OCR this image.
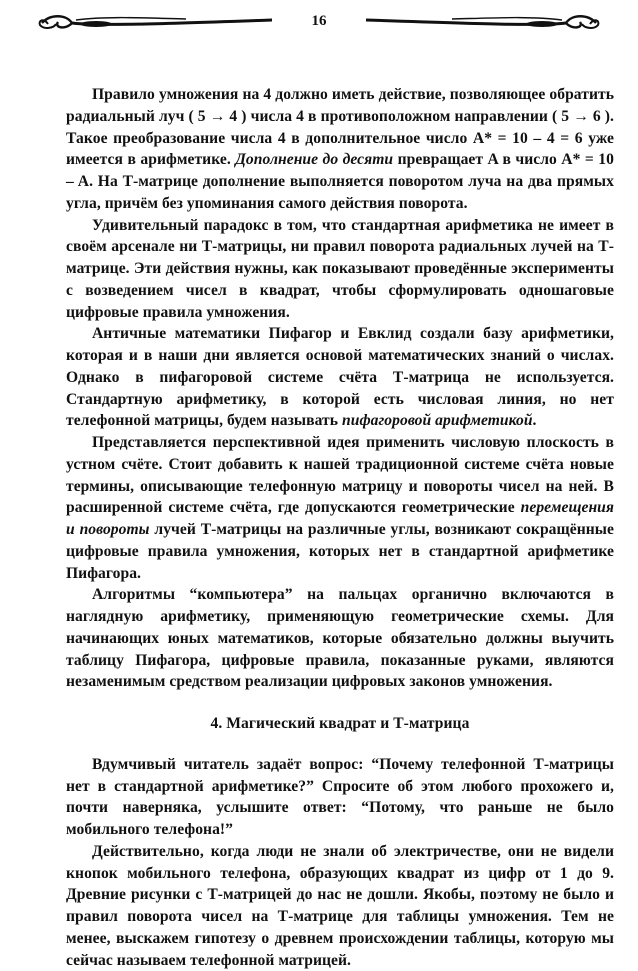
16

Правило умножения на 4 должно иметь действие, позволяющее обратить радиальный луч ( 5 → 4 ) числа 4 в противоположном направлении ( 5 → 6 ). Такое преобразование числа 4 в дополнительное число A* = 10 – 4 = 6 уже имеется в арифметике. Дополнение до десяти превращает A в число A* = 10 – A. На Т-матрице дополнение выполняется поворотом луча на два прямых угла, причём без упоминания самого действия поворота.

Удивительный парадокс в том, что стандартная арифметика не имеет в своём арсенале ни Т-матрицы, ни правил поворота радиальных лучей на Т-матрице. Эти действия нужны, как показывают проведённые эксперименты с возведением чисел в квадрат, чтобы сформулировать одношаговые цифровые правила умножения.

Античные математики Пифагор и Евклид создали базу арифметики, которая и в наши дни является основой математических знаний о числах. Однако в пифагоровой системе счёта Т-матрица не используется. Стандартную арифметику, в которой есть числовая линия, но нет телефонной матрицы, будем называть пифагоровой арифметикой.

Представляется перспективной идея применить числовую плоскость в устном счёте. Стоит добавить к нашей традиционной системе счёта новые термины, описывающие телефонную матрицу и повороты чисел на ней. В расширенной системе счёта, где допускаются геометрические перемещения и повороты лучей Т-матрицы на различные углы, возникают сокращённые цифровые правила умножения, которых нет в стандартной арифметике Пифагора.

Алгоритмы “компьютера” на пальцах органично включаются в наглядную арифметику, применяющую геометрические схемы. Для начинающих юных математиков, которые обязательно должны выучить таблицу Пифагора, цифровые правила, показанные руками, являются незаменимым средством реализации цифровых законов умножения.

4. Магический квадрат и Т-матрица

Вдумчивый читатель задаёт вопрос: “Почему телефонной Т-матрицы нет в стандартной арифметике?” Спросите об этом любого прохожего и, почти наверняка, услышите ответ: “Потому, что раньше не было мобильного телефона!”

Действительно, когда люди не знали об электричестве, они не видели кнопок мобильного телефона, образующих квадрат из цифр от 1 до 9. Древние рисунки с Т-матрицей до нас не дошли. Якобы, поэтому не было и правил поворота чисел на Т-матрице для таблицы умножения. Тем не менее, выскажем гипотезу о древнем происхождении таблицы, которую мы сейчас называем телефонной матрицей.
